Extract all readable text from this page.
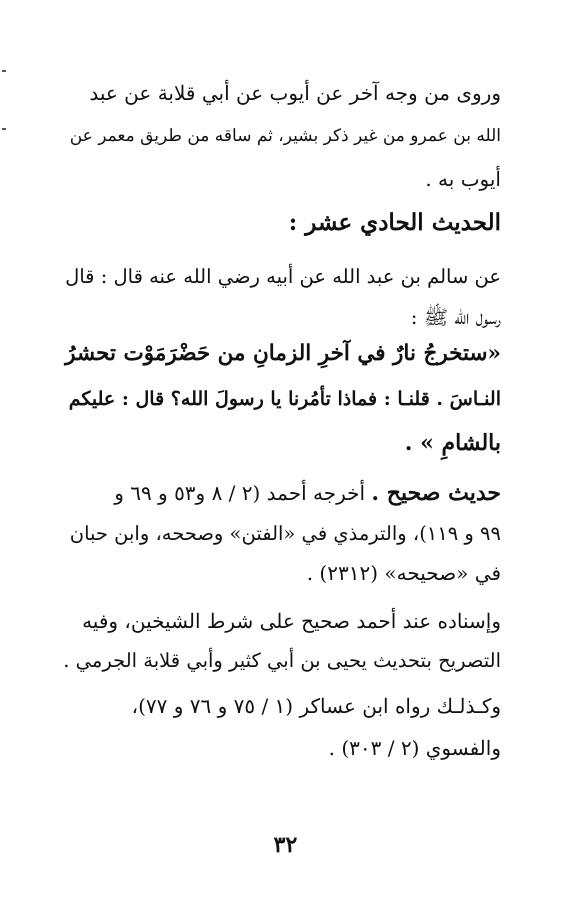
ورو‌ى من وجه آخر عن أيوب عن أبي قلابة عن عبد
الله بن عمرو من غير ذكر بشير، ثم ساقه من طريق معمر عن
أيوب به .
الحديث الحادي عشر :
عن سالم بن عبد الله عن أبيه رضي الله عنه قال : قال
رسول الله ﷺ :
«ستخرجُ نارٌ في آخرِ الزمانِ من حَضْرَمَوْت تحشرُ
النـاسَ . قلنـا : فماذا تأمُرنا يا رسولَ الله؟ قال : عليكم
بالشامِ » .
حديث صحيح . أخرجه أحمد (٢ / ٨ و٥٣ و ٦٩ و
٩٩ و ١١٩)، والترمذي في «الفتن» وصححه، وابن حبان
في «صحيحه» (٢٣١٢) .
وإسناده عند أحمد صحيح على شرط الشيخين، وفيه
التصريح بتحديث يحيى بن أبي كثير وأبي قلابة الجرمي .
وكـذلـك رواه ابن عساكر (١ / ٧٥ و ٧٦ و ٧٧)،
والفسوي (٢ / ٣٠٣) .
٣٢
